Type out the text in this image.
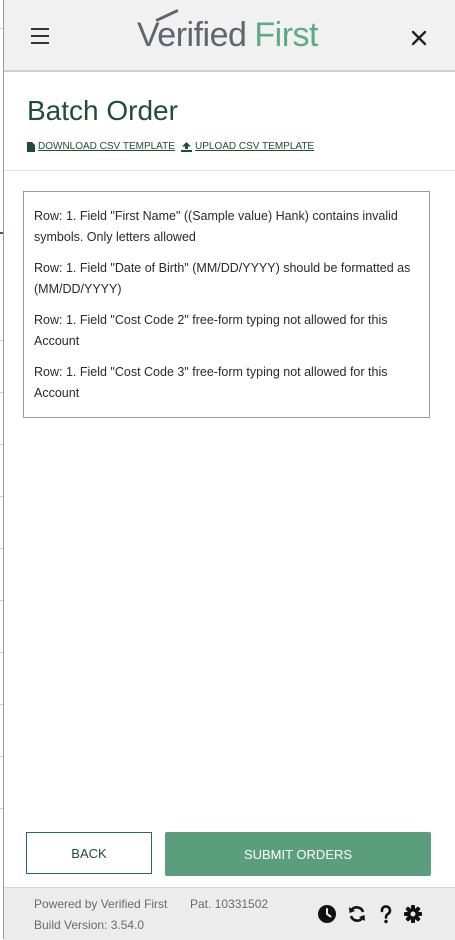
Verified First
Batch Order
DOWNLOAD CSV TEMPLATE UPLOAD CSV TEMPLATE

Row: 1. Field "First Name" ((Sample value) Hank) contains invalid symbols. Only letters allowed

Row: 1. Field "Date of Birth" (MM/DD/YYYY) should be formatted as (MM/DD/YYYY)

Row: 1. Field "Cost Code 2" free-form typing not allowed for this Account

Row: 1. Field "Cost Code 3" free-form typing not allowed for this Account

BACK	SUBMIT ORDERS
Powered by Verified First Pat. 10331502
Build Version: 3.54.0
